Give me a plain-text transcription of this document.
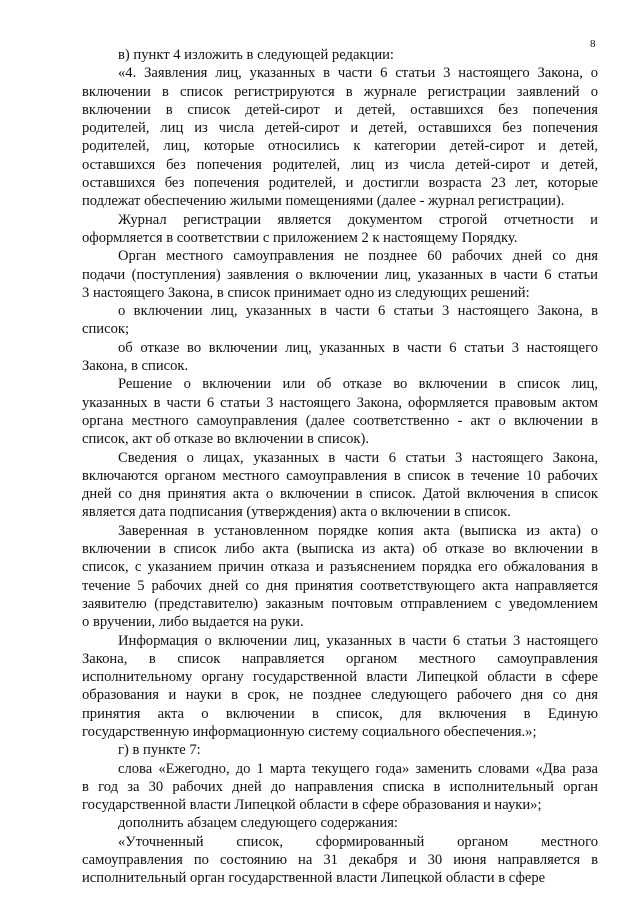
8
в) пункт 4 изложить в следующей редакции:
«4. Заявления лиц, указанных в части 6 статьи 3 настоящего Закона, о
включении в список регистрируются в журнале регистрации заявлений о
включении в список детей-сирот и детей, оставшихся без попечения
родителей, лиц из числа детей-сирот и детей, оставшихся без попечения
родителей, лиц, которые относились к категории детей-сирот и детей,
оставшихся без попечения родителей, лиц из числа детей-сирот и детей,
оставшихся без попечения родителей, и достигли возраста 23 лет, которые
подлежат обеспечению жилыми помещениями (далее - журнал регистрации).
Журнал регистрации является документом строгой отчетности и
оформляется в соответствии с приложением 2 к настоящему Порядку.
Орган местного самоуправления не позднее 60 рабочих дней со дня
подачи (поступления) заявления о включении лиц, указанных в части 6 статьи
3 настоящего Закона, в список принимает одно из следующих решений:
о включении лиц, указанных в части 6 статьи 3 настоящего Закона, в
список;
об отказе во включении лиц, указанных в части 6 статьи 3 настоящего
Закона, в список.
Решение о включении или об отказе во включении в список лиц,
указанных в части 6 статьи 3 настоящего Закона, оформляется правовым актом
органа местного самоуправления (далее соответственно - акт о включении в
список, акт об отказе во включении в список).
Сведения о лицах, указанных в части 6 статьи 3 настоящего Закона,
включаются органом местного самоуправления в список в течение 10 рабочих
дней со дня принятия акта о включении в список. Датой включения в список
является дата подписания (утверждения) акта о включении в список.
Заверенная в установленном порядке копия акта (выписка из акта) о
включении в список либо акта (выписка из акта) об отказе во включении в
список, с указанием причин отказа и разъяснением порядка его обжалования в
течение 5 рабочих дней со дня принятия соответствующего акта направляется
заявителю (представителю) заказным почтовым отправлением с уведомлением
о вручении, либо выдается на руки.
Информация о включении лиц, указанных в части 6 статьи 3 настоящего
Закона, в список направляется органом местного самоуправления
исполнительному органу государственной власти Липецкой области в сфере
образования и науки в срок, не позднее следующего рабочего дня со дня
принятия акта о включении в список, для включения в Единую
государственную информационную систему социального обеспечения.»;
г) в пункте 7:
слова «Ежегодно, до 1 марта текущего года» заменить словами «Два раза
в год за 30 рабочих дней до направления списка в исполнительный орган
государственной власти Липецкой области в сфере образования и науки»;
дополнить абзацем следующего содержания:
«Уточненный список, сформированный органом местного
самоуправления по состоянию на 31 декабря и 30 июня направляется в
исполнительный орган государственной власти Липецкой области в сфере
